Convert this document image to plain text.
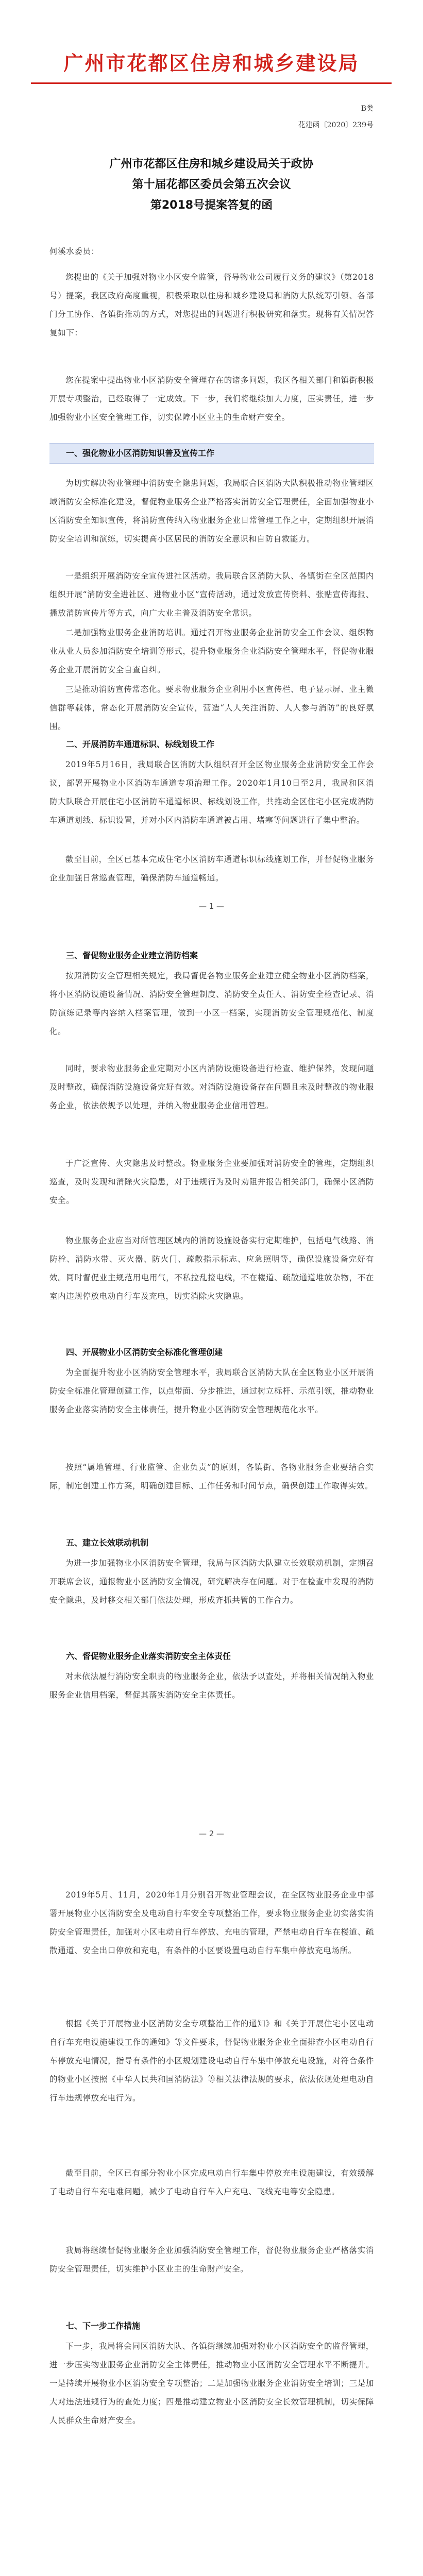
广州市花都区住房和城乡建设局
B类
花建函〔2020〕239号
广州市花都区住房和城乡建设局关于政协
第十届花都区委员会第五次会议
第2018号提案答复的函

何溪水委员：

您提出的《关于加强对物业小区安全监管，督导物业公司履行义务的建议》（第2018号）提案，我区政府高度重视，积极采取以住房和城乡建设局和消防大队统筹引领、各部门分工协作、各镇街推动的方式，对您提出的问题进行积极研究和落实。现将有关情况答复如下：

您在提案中提出物业小区消防安全管理存在的诸多问题，我区各相关部门和镇街积极开展专项整治，已经取得了一定成效。下一步，我们将继续加大力度，压实责任，进一步加强物业小区安全管理工作，切实保障小区业主的生命财产安全。

一、强化物业小区消防知识普及宣传工作

为切实解决物业管理中消防安全隐患问题，我局联合区消防大队积极推动物业管理区域消防安全标准化建设，督促物业服务企业严格落实消防安全管理责任，全面加强物业小区消防安全知识宣传，将消防宣传纳入物业服务企业日常管理工作之中，定期组织开展消防安全培训和演练，切实提高小区居民的消防安全意识和自防自救能力。

一是组织开展消防安全宣传进社区活动。我局联合区消防大队、各镇街在全区范围内组织开展“消防安全进社区、进物业小区”宣传活动，通过发放宣传资料、张贴宣传海报、播放消防宣传片等方式，向广大业主普及消防安全常识。

二是加强物业服务企业消防培训。通过召开物业服务企业消防安全工作会议、组织物业从业人员参加消防安全培训等形式，提升物业服务企业消防安全管理水平，督促物业服务企业开展消防安全自查自纠。

三是推动消防宣传常态化。要求物业服务企业利用小区宣传栏、电子显示屏、业主微信群等载体，常态化开展消防安全宣传，营造“人人关注消防、人人参与消防”的良好氛围。

二、开展消防车通道标识、标线划设工作

2019年5月16日，我局联合区消防大队组织召开全区物业服务企业消防安全工作会议，部署开展物业小区消防车通道专项治理工作。2020年1月10日至2月，我局和区消防大队联合开展住宅小区消防车通道标识、标线划设工作，共推动全区住宅小区完成消防车通道划线、标识设置，并对小区内消防车通道被占用、堵塞等问题进行了集中整治。

截至目前，全区已基本完成住宅小区消防车通道标识标线施划工作，并督促物业服务企业加强日常巡查管理，确保消防车通道畅通。

— 1 —

三、督促物业服务企业建立消防档案

按照消防安全管理相关规定，我局督促各物业服务企业建立健全物业小区消防档案，将小区消防设施设备情况、消防安全管理制度、消防安全责任人、消防安全检查记录、消防演练记录等内容纳入档案管理，做到一小区一档案，实现消防安全管理规范化、制度化。

同时，要求物业服务企业定期对小区内消防设施设备进行检查、维护保养，发现问题及时整改，确保消防设施设备完好有效。对消防设施设备存在问题且未及时整改的物业服务企业，依法依规予以处理，并纳入物业服务企业信用管理。

于广泛宣传、火灾隐患及时整改。物业服务企业要加强对消防安全的管理，定期组织巡查，及时发现和消除火灾隐患，对于违规行为及时劝阻并报告相关部门，确保小区消防安全。

物业服务企业应当对所管理区域内的消防设施设备实行定期维护，包括电气线路、消防栓、消防水带、灭火器、防火门、疏散指示标志、应急照明等，确保设施设备完好有效。同时督促业主规范用电用气，不私拉乱接电线，不在楼道、疏散通道堆放杂物，不在室内违规停放电动自行车及充电，切实消除火灾隐患。

四、开展物业小区消防安全标准化管理创建

为全面提升物业小区消防安全管理水平，我局联合区消防大队在全区物业小区开展消防安全标准化管理创建工作，以点带面、分步推进，通过树立标杆、示范引领，推动物业服务企业落实消防安全主体责任，提升物业小区消防安全管理规范化水平。

按照“属地管理、行业监管、企业负责”的原则，各镇街、各物业服务企业要结合实际，制定创建工作方案，明确创建目标、工作任务和时间节点，确保创建工作取得实效。

五、建立长效联动机制

为进一步加强物业小区消防安全管理，我局与区消防大队建立长效联动机制，定期召开联席会议，通报物业小区消防安全情况，研究解决存在问题。对于在检查中发现的消防安全隐患，及时移交相关部门依法处理，形成齐抓共管的工作合力。

六、督促物业服务企业落实消防安全主体责任

对未依法履行消防安全职责的物业服务企业，依法予以查处，并将相关情况纳入物业服务企业信用档案，督促其落实消防安全主体责任。

— 2 —

2019年5月、11月，2020年1月分别召开物业管理会议，在全区物业服务企业中部署开展物业小区消防安全及电动自行车安全专项整治工作，要求物业服务企业切实落实消防安全管理责任，加强对小区电动自行车停放、充电的管理，严禁电动自行车在楼道、疏散通道、安全出口停放和充电，有条件的小区要设置电动自行车集中停放充电场所。

根据《关于开展物业小区消防安全专项整治工作的通知》和《关于开展住宅小区电动自行车充电设施建设工作的通知》等文件要求，督促物业服务企业全面排查小区电动自行车停放充电情况，指导有条件的小区规划建设电动自行车集中停放充电设施，对符合条件的物业小区按照《中华人民共和国消防法》等相关法律法规的要求，依法依规处理电动自行车违规停放充电行为。

截至目前，全区已有部分物业小区完成电动自行车集中停放充电设施建设，有效缓解了电动自行车充电难问题，减少了电动自行车入户充电、飞线充电等安全隐患。

我局将继续督促物业服务企业加强消防安全管理工作，督促物业服务企业严格落实消防安全管理责任，切实维护小区业主的生命财产安全。

七、下一步工作措施

下一步，我局将会同区消防大队、各镇街继续加强对物业小区消防安全的监督管理，进一步压实物业服务企业消防安全主体责任，推动物业小区消防安全管理水平不断提升。一是持续开展物业小区消防安全专项整治；二是加强物业服务企业消防安全培训；三是加大对违法违规行为的查处力度；四是推动建立物业小区消防安全长效管理机制，切实保障人民群众生命财产安全。
